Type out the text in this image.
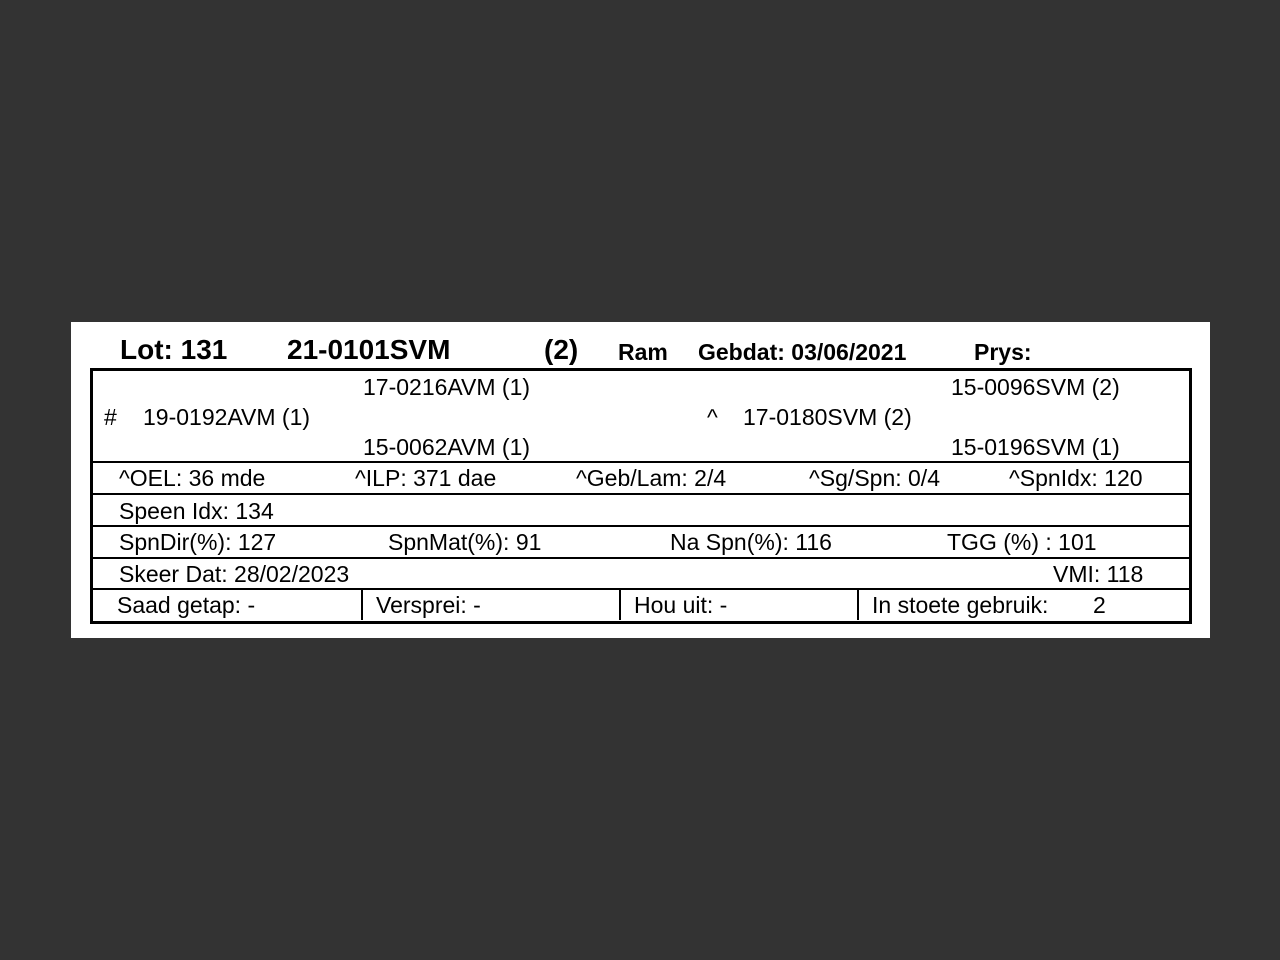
Lot: 131 21-0101SVM	(2) Ram Gebdat: 03/06/2021	Prys:
17-0216AVM (1)	15-0096SVM (2)
# 19-0192AVM (1)	^ 17-0180SVM (2)
15-0062AVM (1)	15-0196SVM (1)
^OEL: 36 mde	^ILP: 371 dae	^Geb/Lam: 2/4	^Sg/Spn: 0/4	^SpnIdx: 120
Speen Idx: 134
SpnDir(%): 127	SpnMat(%): 91	Na Spn(%): 116	TGG (%) : 101
Skeer Dat: 28/02/2023	VMI: 118
Saad getap: -	Versprei: -	Hou uit: -	In stoete gebruik: 2
